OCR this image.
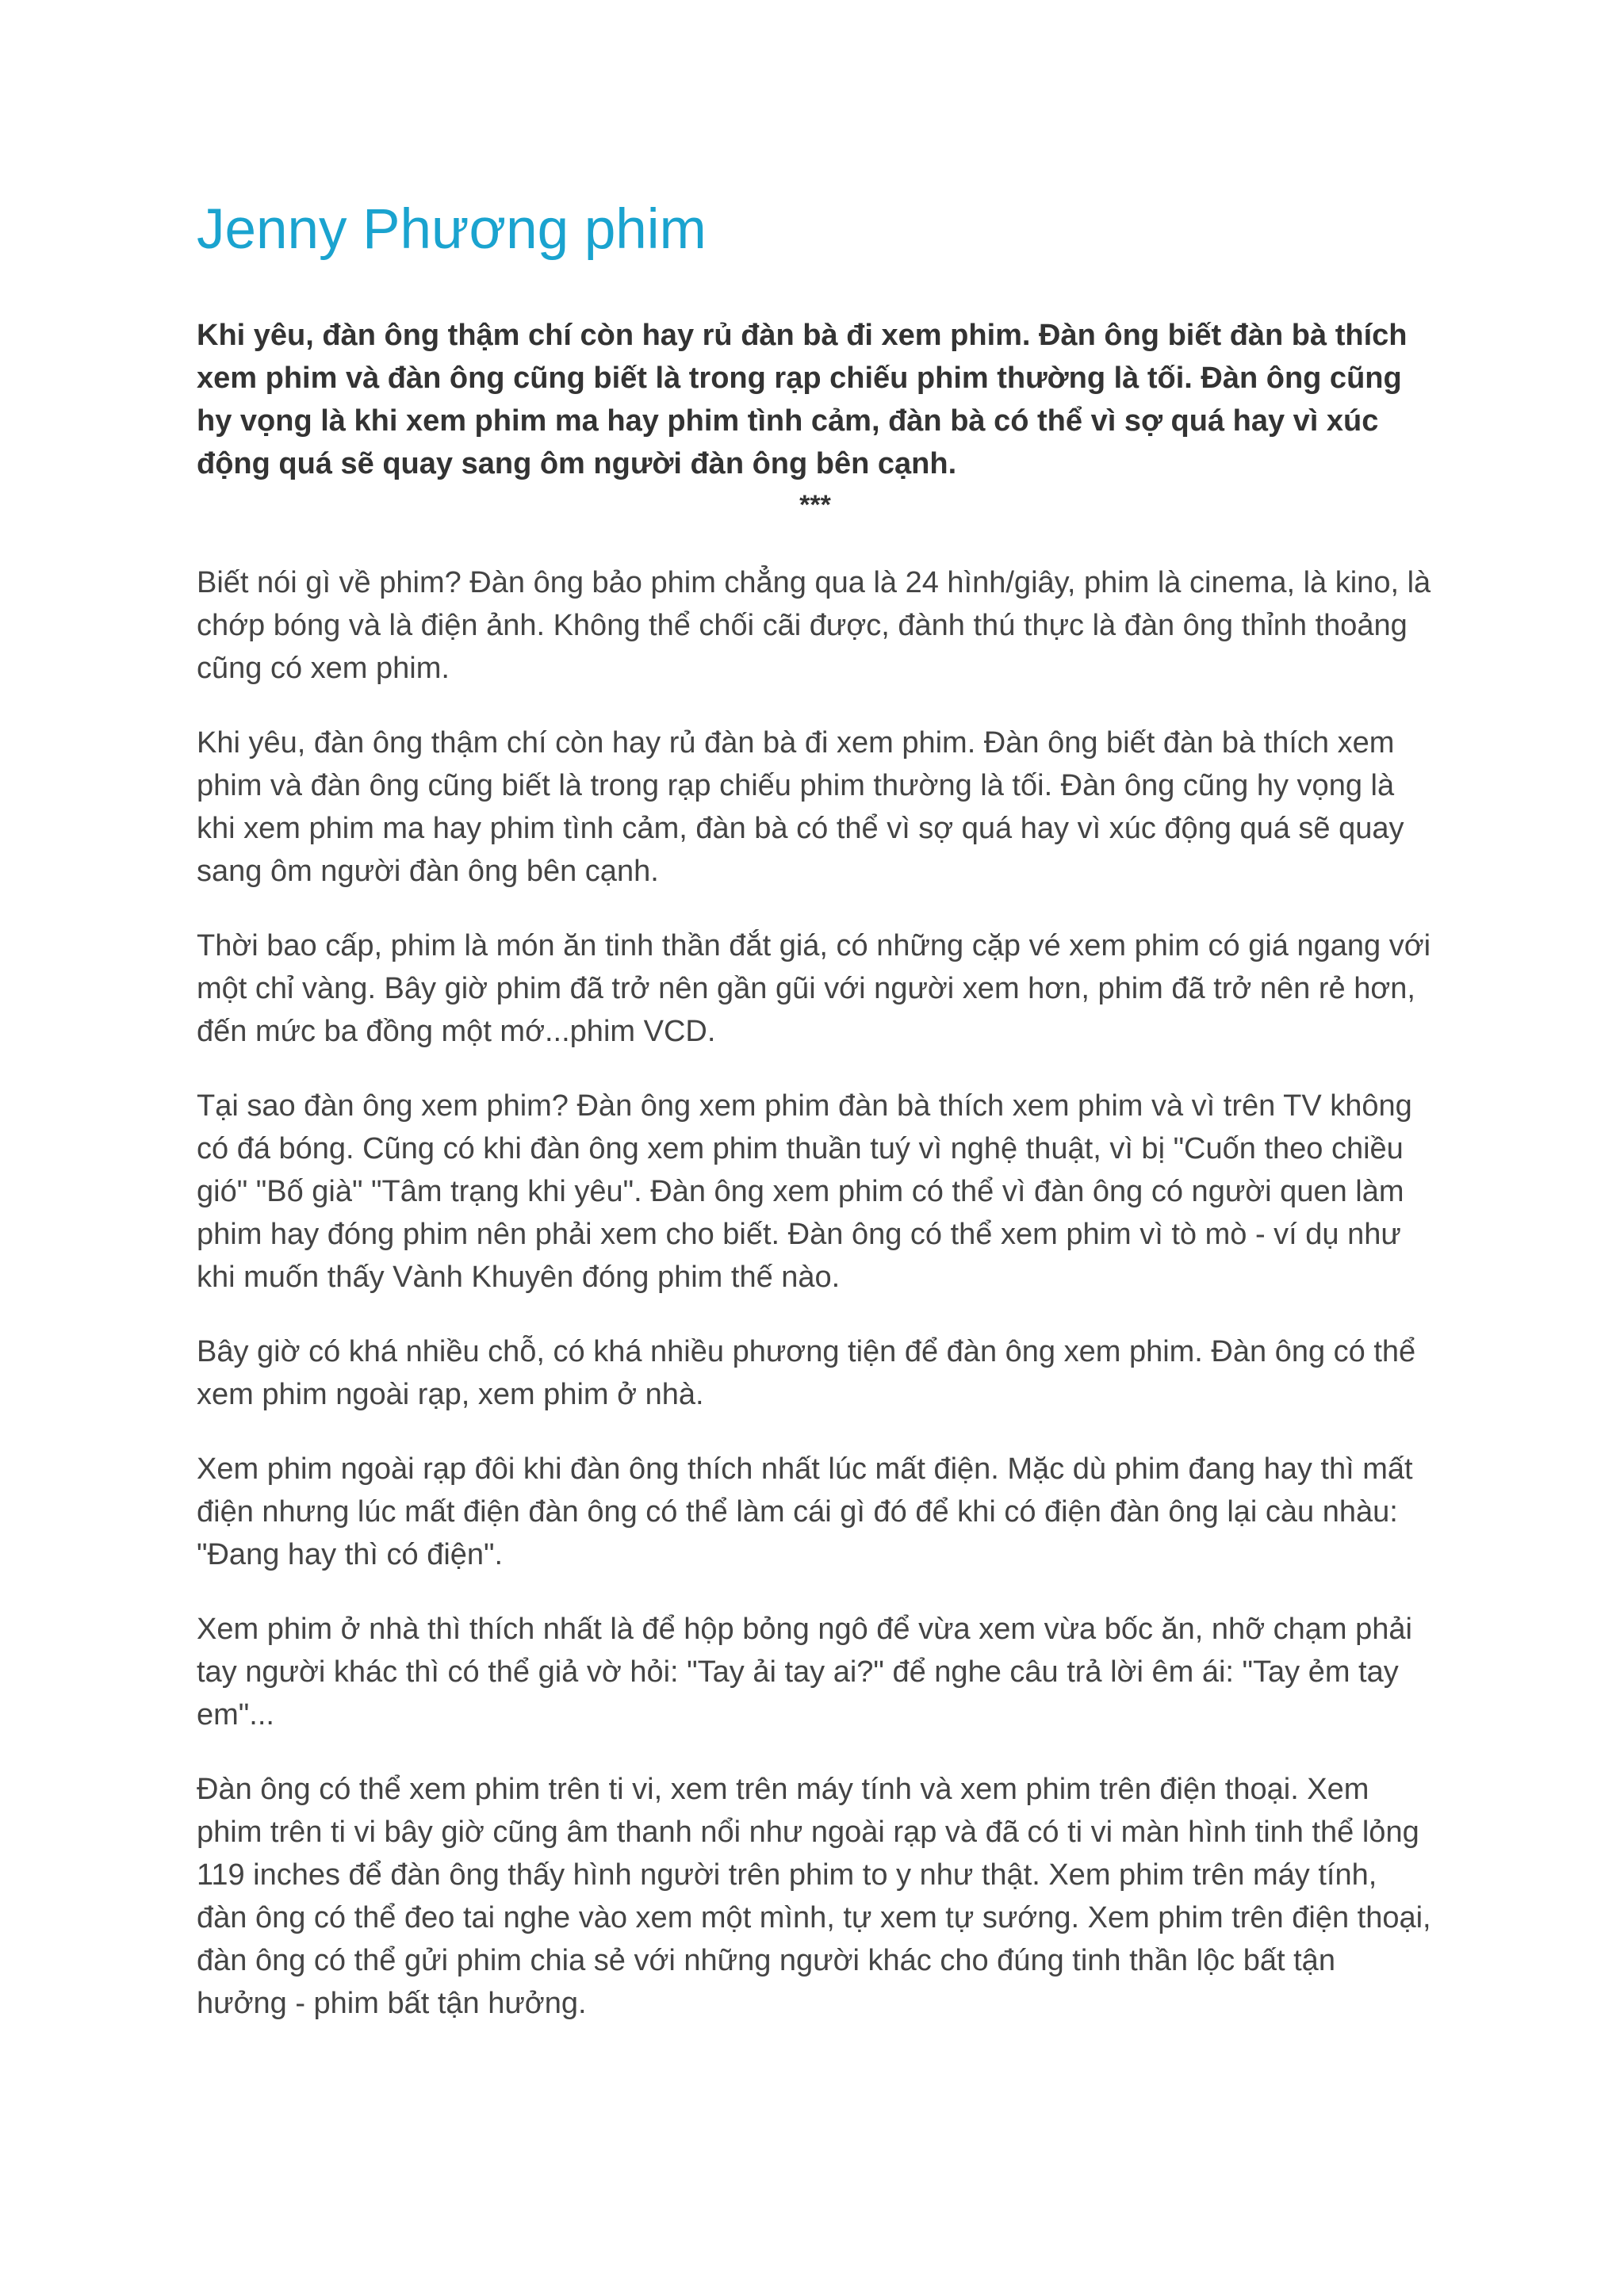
Jenny Phương phim

Khi yêu, đàn ông thậm chí còn hay rủ đàn bà đi xem phim. Đàn ông biết đàn bà thích xem phim và đàn ông cũng biết là trong rạp chiếu phim thường là tối. Đàn ông cũng hy vọng là khi xem phim ma hay phim tình cảm, đàn bà có thể vì sợ quá hay vì xúc động quá sẽ quay sang ôm người đàn ông bên cạnh.

***

Biết nói gì về phim? Đàn ông bảo phim chẳng qua là 24 hình/giây, phim là cinema, là kino, là chớp bóng và là điện ảnh. Không thể chối cãi được, đành thú thực là đàn ông thỉnh thoảng cũng có xem phim.

Khi yêu, đàn ông thậm chí còn hay rủ đàn bà đi xem phim. Đàn ông biết đàn bà thích xem phim và đàn ông cũng biết là trong rạp chiếu phim thường là tối. Đàn ông cũng hy vọng là khi xem phim ma hay phim tình cảm, đàn bà có thể vì sợ quá hay vì xúc động quá sẽ quay sang ôm người đàn ông bên cạnh.

Thời bao cấp, phim là món ăn tinh thần đắt giá, có những cặp vé xem phim có giá ngang với một chỉ vàng. Bây giờ phim đã trở nên gần gũi với người xem hơn, phim đã trở nên rẻ hơn, đến mức ba đồng một mớ...phim VCD.

Tại sao đàn ông xem phim? Đàn ông xem phim đàn bà thích xem phim và vì trên TV không có đá bóng. Cũng có khi đàn ông xem phim thuần tuý vì nghệ thuật, vì bị "Cuốn theo chiều gió" "Bố già" "Tâm trạng khi yêu". Đàn ông xem phim có thể vì đàn ông có người quen làm phim hay đóng phim nên phải xem cho biết. Đàn ông có thể xem phim vì tò mò - ví dụ như khi muốn thấy Vành Khuyên đóng phim thế nào.

Bây giờ có khá nhiều chỗ, có khá nhiều phương tiện để đàn ông xem phim. Đàn ông có thể xem phim ngoài rạp, xem phim ở nhà.

Xem phim ngoài rạp đôi khi đàn ông thích nhất lúc mất điện. Mặc dù phim đang hay thì mất điện nhưng lúc mất điện đàn ông có thể làm cái gì đó để khi có điện đàn ông lại càu nhàu: "Đang hay thì có điện".

Xem phim ở nhà thì thích nhất là để hộp bỏng ngô để vừa xem vừa bốc ăn, nhỡ chạm phải tay người khác thì có thể giả vờ hỏi: "Tay ải tay ai?" để nghe câu trả lời êm ái: "Tay ẻm tay em"...

Đàn ông có thể xem phim trên ti vi, xem trên máy tính và xem phim trên điện thoại. Xem phim trên ti vi bây giờ cũng âm thanh nổi như ngoài rạp và đã có ti vi màn hình tinh thể lỏng 119 inches để đàn ông thấy hình người trên phim to y như thật. Xem phim trên máy tính, đàn ông có thể đeo tai nghe vào xem một mình, tự xem tự sướng. Xem phim trên điện thoại, đàn ông có thể gửi phim chia sẻ với những người khác cho đúng tinh thần lộc bất tận hưởng - phim bất tận hưởng.
